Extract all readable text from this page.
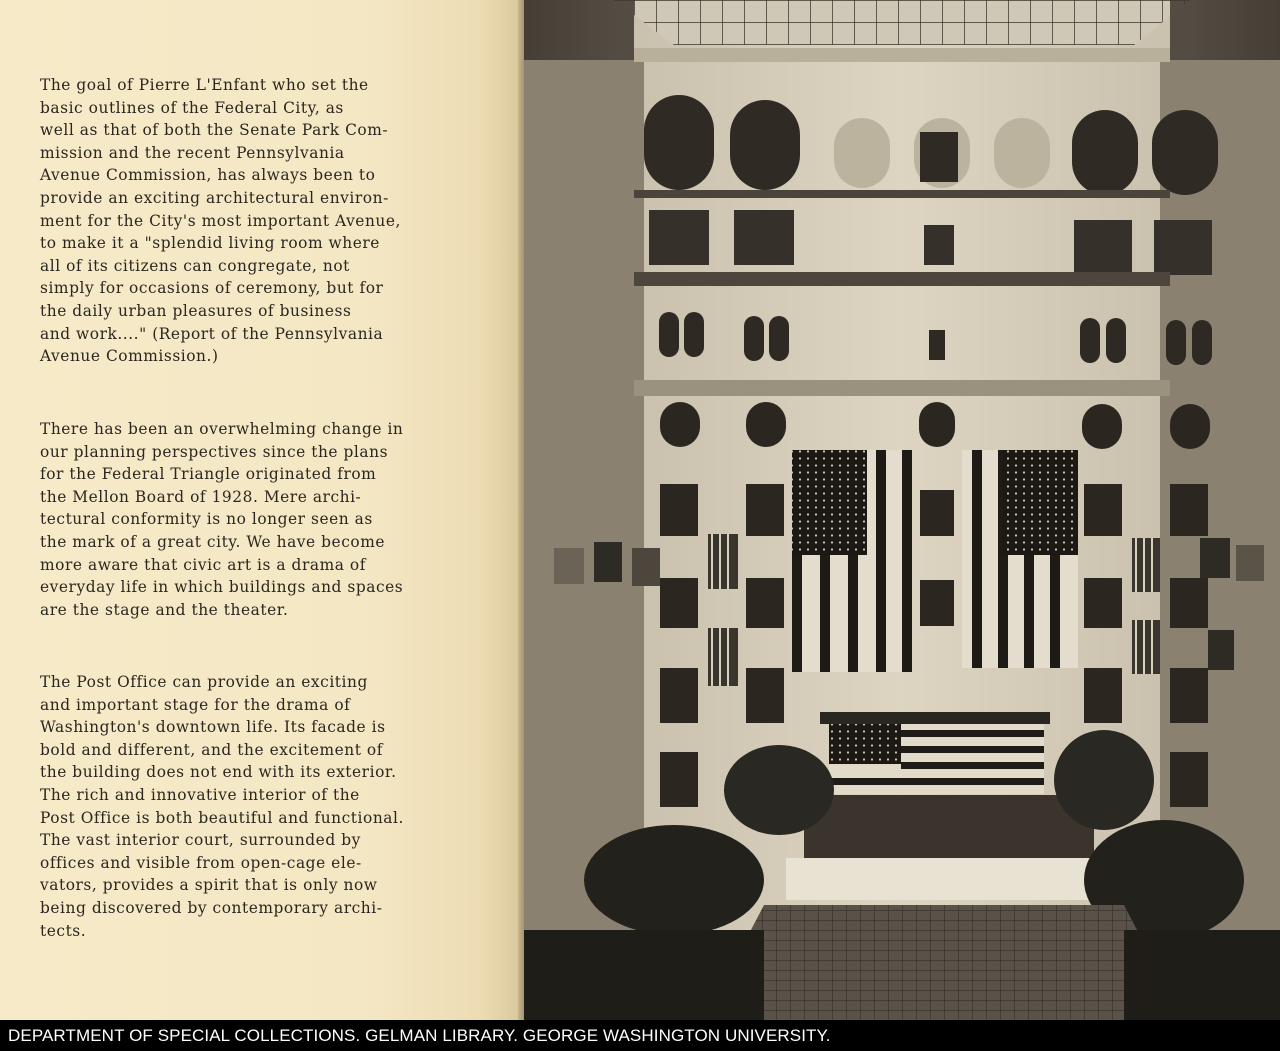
The goal of Pierre L'Enfant who set the
basic outlines of the Federal City, as
well as that of both the Senate Park Com-
mission and the recent Pennsylvania
Avenue Commission, has always been to
provide an exciting architectural environ-
ment for the City's most important Avenue,
to make it a "splendid living room where
all of its citizens can congregate, not
simply for occasions of ceremony, but for
the daily urban pleasures of business
and work...." (Report of the Pennsylvania
Avenue Commission.)
There has been an overwhelming change in
our planning perspectives since the plans
for the Federal Triangle originated from
the Mellon Board of 1928. Mere archi-
tectural conformity is no longer seen as
the mark of a great city. We have become
more aware that civic art is a drama of
everyday life in which buildings and spaces
are the stage and the theater.
The Post Office can provide an exciting
and important stage for the drama of
Washington's downtown life. Its facade is
bold and different, and the excitement of
the building does not end with its exterior.
The rich and innovative interior of the
Post Office is both beautiful and functional.
The vast interior court, surrounded by
offices and visible from open-cage ele-
vators, provides a spirit that is only now
being discovered by contemporary archi-
tects.
DEPARTMENT OF SPECIAL COLLECTIONS. GELMAN LIBRARY. GEORGE WASHINGTON UNIVERSITY.
